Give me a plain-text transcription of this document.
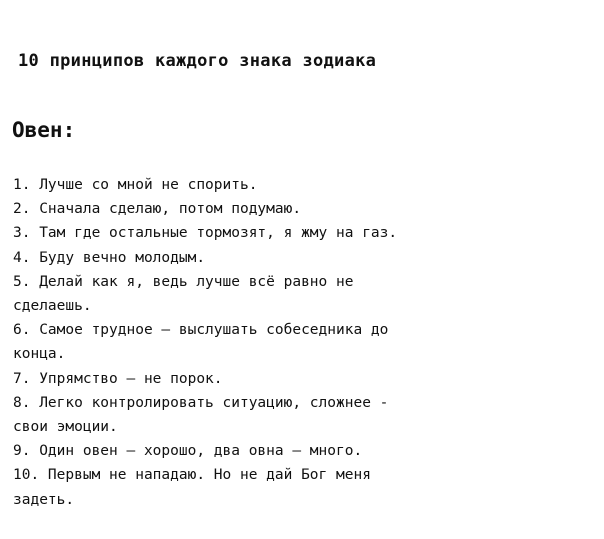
10 принципов каждого знака зодиака
Овен:
1. Лучше со мной не спорить.
2. Сначала сделаю, потом подумаю.
3. Там где остальные тормозят, я жму на газ.
4. Буду вечно молодым.
5. Делай как я, ведь лучше всё равно не
сделаешь.
6. Самое трудное — выслушать собеседника до
конца.
7. Упрямство — не порок.
8. Легко контролировать ситуацию, сложнее -
свои эмоции.
9. Один овен — хорошо, два овна — много.
10. Первым не нападаю. Но не дай Бог меня
задеть.
